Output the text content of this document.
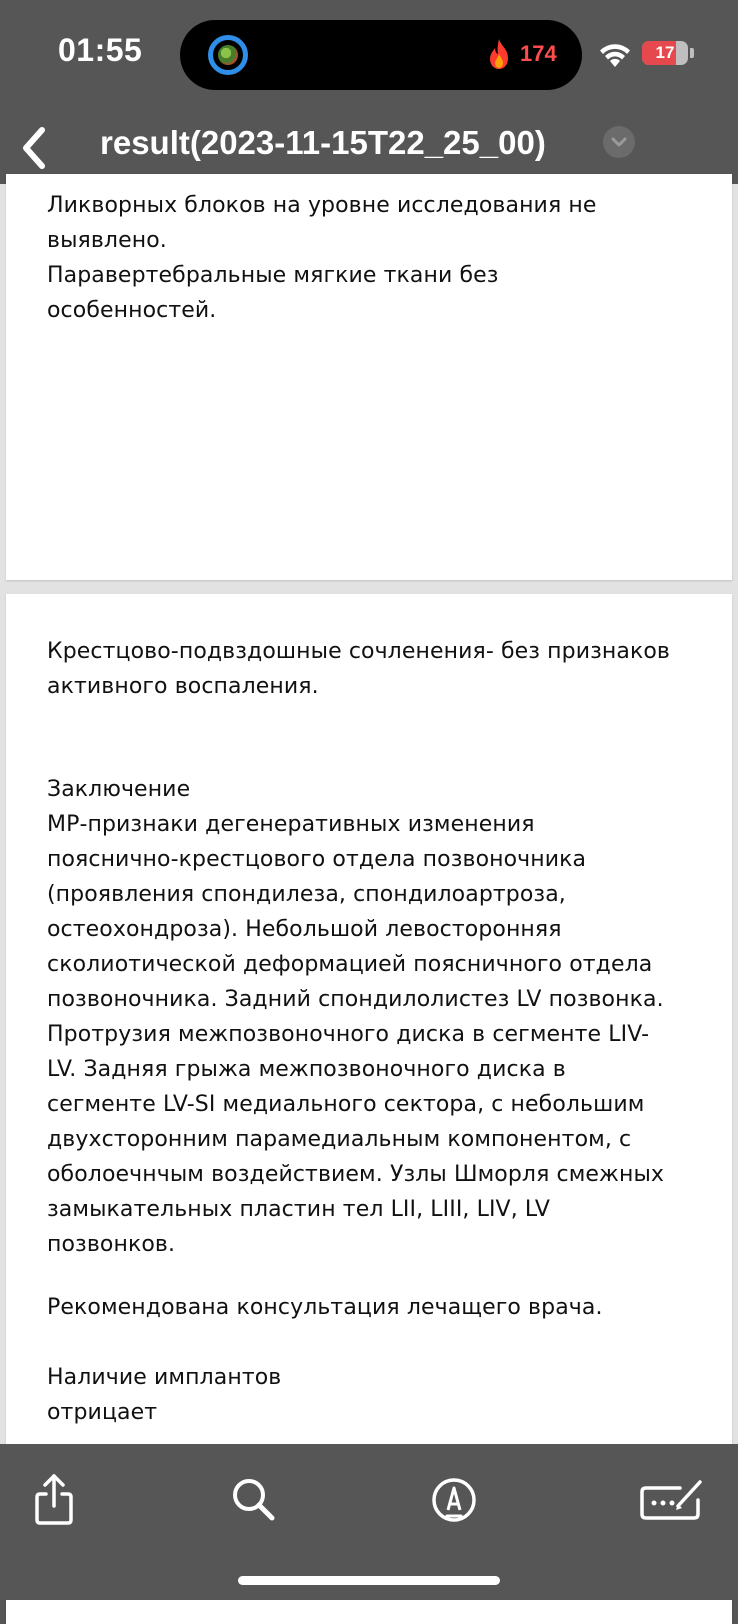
01:55	174	17
result(2023-11-15T22_25_00)

Ликворных блоков на уровне исследования не
выявлено.

Паравертебральные мягкие ткани без
особенностей.

Крестцово-подвздошные сочленения- без признаков
активного воспаления.

Заключение
МР-признаки дегенеративных изменения
пояснично-крестцового отдела позвоночника
(проявления спондилеза, спондилоартроза,
остеохондроза). Небольшой левосторонняя
сколиотической деформацией поясничного отдела
позвоночника. Задний спондилолистез LV позвонка.
Протрузия межпозвоночного диска в сегменте LIV-
LV. Задняя грыжа межпозвоночного диска в
сегменте LV-SI медиального сектора, с небольшим
двухсторонним парамедиальным компонентом, с
оболоечнчым воздействием. Узлы Шморля смежных
замыкательных пластин тел LII, LIII, LIV, LV
позвонков.

Рекомендована консультация лечащего врача.

Наличие имплантов
отрицает
